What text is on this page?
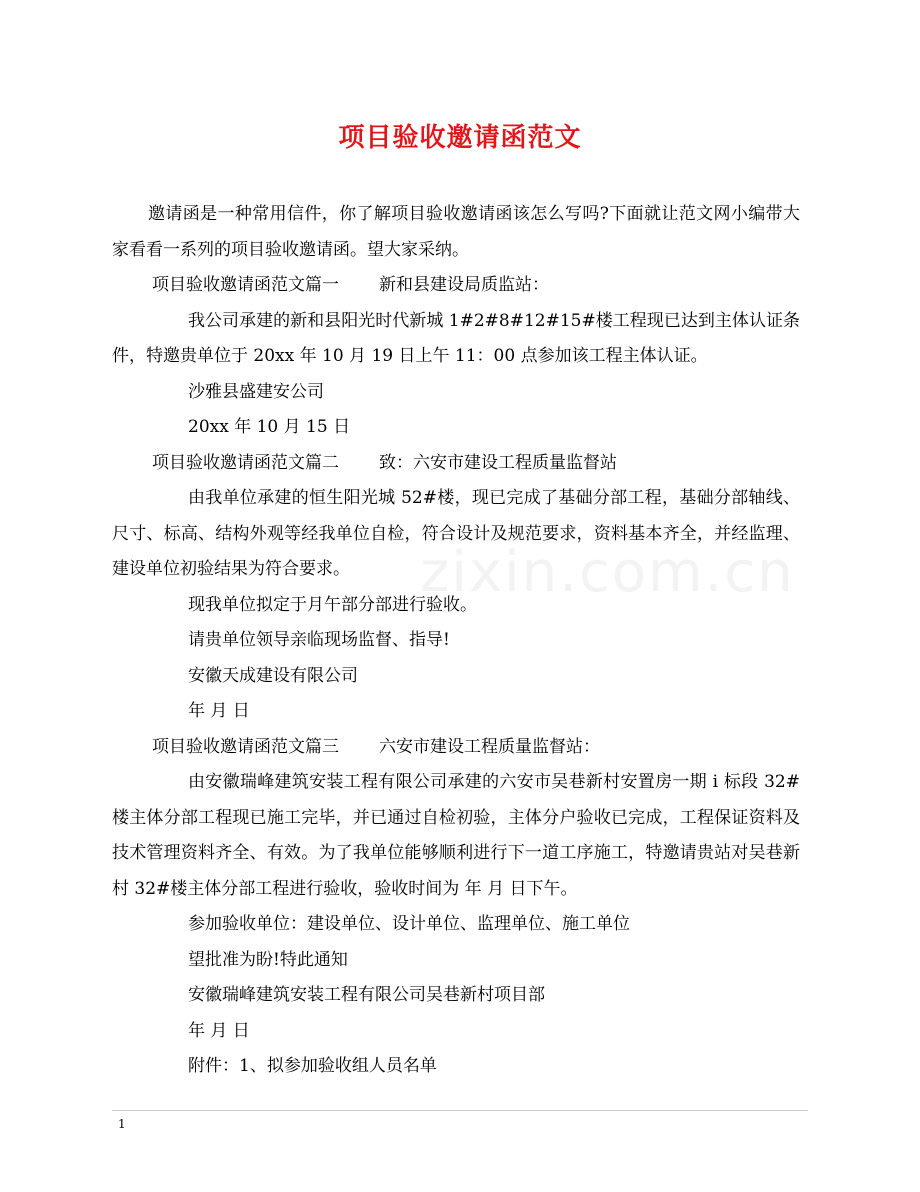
zixin.com.cn
项目验收邀请函范文

邀请函是一种常用信件，你了解项目验收邀请函该怎么写吗?下面就让范文网小编带大家看看一系列的项目验收邀请函。望大家采纳。

项目验收邀请函范文篇一 新和县建设局质监站：

我公司承建的新和县阳光时代新城 1#2#8#12#15#楼工程现已达到主体认证条件，特邀贵单位于 20xx 年 10 月 19 日上午 11：00 点参加该工程主体认证。

沙雅县盛建安公司

20xx 年 10 月 15 日

项目验收邀请函范文篇二 致：六安市建设工程质量监督站

由我单位承建的恒生阳光城 52#楼，现已完成了基础分部工程，基础分部轴线、尺寸、标高、结构外观等经我单位自检，符合设计及规范要求，资料基本齐全，并经监理、建设单位初验结果为符合要求。

现我单位拟定于月午部分部进行验收。

请贵单位领导亲临现场监督、指导!

安徽天成建设有限公司

年 月 日

项目验收邀请函范文篇三 六安市建设工程质量监督站：

由安徽瑞峰建筑安装工程有限公司承建的六安市吴巷新村安置房一期 i 标段 32#楼主体分部工程现已施工完毕，并已通过自检初验，主体分户验收已完成，工程保证资料及技术管理资料齐全、有效。为了我单位能够顺利进行下一道工序施工，特邀请贵站对吴巷新村 32#楼主体分部工程进行验收，验收时间为 年 月 日下午。

参加验收单位：建设单位、设计单位、监理单位、施工单位

望批准为盼!特此通知

安徽瑞峰建筑安装工程有限公司吴巷新村项目部

年 月 日

附件：1、拟参加验收组人员名单

1
